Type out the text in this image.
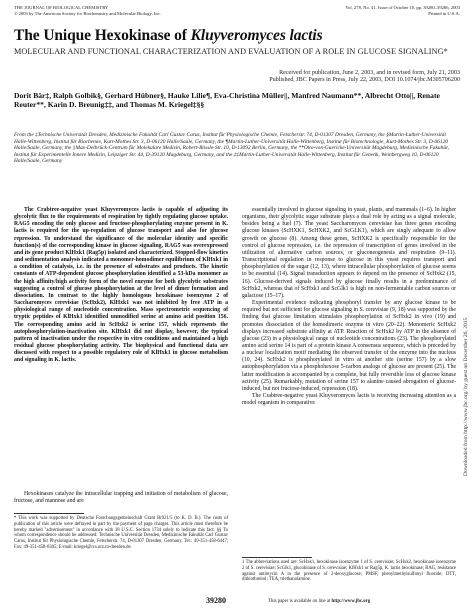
THE JOURNAL OF BIOLOGICAL CHEMISTRY
© 2003 by The American Society for Biochemistry and Molecular Biology, Inc.
Vol. 278, No. 41, Issue of October 10, pp. 39280–39286, 2003
Printed in U.S.A.
The Unique Hexokinase of Kluyveromyces lactis
MOLECULAR AND FUNCTIONAL CHARACTERIZATION AND EVALUATION OF A ROLE IN GLUCOSE SIGNALING*
Received for publication, June 2, 2003, and in revised form, July 21, 2003
Published, JBC Papers in Press, July 22, 2003, DOI 10.1074/jbc.M305706200
Dorit Bär‡, Ralph Golbik§, Gerhard Hübner§, Hauke Lilie¶, Eva-Christina Müller||, Manfred Naumann**, Albrecht Otto||, Renate Reuter**, Karin D. Breunig‡‡, and Thomas M. Kriegel‡§§
From the ‡Technische Universität Dresden, Medizinische Fakultät Carl Gustav Carus, Institut für Physiologische Chemie, Fetscherstr. 74, D-01307 Dresden, Germany, the §Martin-Luther-Universität Halle-Wittenberg, Institut für Biochemie, Kurt-Mothes Str. 3, D-06120 Halle/Saale, Germany, the ¶Martin-Luther-Universität Halle-Wittenberg, Institut für Biotechnologie, Kurt-Mothes Str. 3, D-06120 Halle/Saale, Germany, the ||Max-Delbrück-Centrum für Molekulare Medizin, Robert-Rössle-Str. 10, D-13092 Berlin, Germany, the **Otto-von-Guericke-Universität Magdeburg, Medizinische Fakultät, Institut für Experimentelle Innere Medizin, Leipziger Str. 44, D-39120 Magdeburg, Germany, and the ‡‡Martin-Luther-Universität Halle-Wittenberg, Institut für Genetik, Weinbergweg 10, D-06120 Halle/Saale, Germany

The Crabtree-negative yeast Kluyveromyces lactis is capable of adjusting its glycolytic flux to the requirements of respiration by tightly regulating glucose uptake. RAG5 encoding the only glucose and fructose-phosphorylating enzyme present in K. lactis is required for the up-regulation of glucose transport and also for glucose repression. To understand the significance of the molecular identity and specific function(s) of the corresponding kinase in glucose signaling, RAG5 was overexpressed and its gene product KlHxk1 (Rag5p) isolated and characterized. Stopped-flow kinetics and sedimentation analysis indicated a monomer-homodimer equilibrium of KlHxk1 in a condition of catalysis, i.e. in the presence of substrates and products. The kinetic constants of ATP-dependent glucose phosphorylation identified a 53-kDa monomer as the high affinity/high activity form of the novel enzyme for both glycolytic substrates suggesting a control of glucose phosphorylation at the level of dimer formation and dissociation. In contrast to the highly homologous hexokinase isoenzyme 2 of Saccharomyces cerevisiae (ScHxk2), KlHxk1 was not inhibited by free ATP in a physiological range of nucleotide concentration. Mass spectrometric sequencing of tryptic peptides of KlHxk1 identified unmodified serine at amino acid position 156. The corresponding amino acid in ScHxk2 is serine 157, which represents the autophosphorylation-inactivation site. KlHxk1 did not display, however, the typical pattern of inactivation under the respective in vitro conditions and maintained a high residual glucose phosphorylating activity. The biophysical and functional data are discussed with respect to a possible regulatory role of KlHxk1 in glucose metabolism and signaling in K. lactis.

Hexokinases catalyze the intracellular trapping and initiation of metabolism of glucose, fructose, and mannose and are

* This work was supported by Deutsche Forschungsgemeinschaft Grant Br921/5 (to K. D. B.). The costs of publication of this article were defrayed in part by the payment of page charges. This article must therefore be hereby marked "advertisement" in accordance with 18 U.S.C. Section 1734 solely to indicate this fact. §§ To whom correspondence should be addressed: Technische Universität Dresden, Medizinische Fakultät Carl Gustav Carus, Institut für Physiologische Chemie, Fetscherstr. 74, D-01307 Dresden, Germany. Tel.: 49-351-458-6447; Fax: 49-351-458-6305; E-mail: kriegel@rcs.urz.tu-dresden.de.

essentially involved in glucose signaling in yeast, plants, and mammals (1–6). In higher organisms, their glycolytic sugar substrate plays a dual role by acting as a signal molecule, besides being a fuel (7). The yeast Saccharomyces cerevisiae has three genes encoding glucose kinases (ScHXK1, ScHXK2, and ScGLK1), which are singly adequate to allow growth on glucose (8). Among these genes, ScHXK2 is specifically responsible for the control of glucose repression, i.e. the repression of transcription of genes involved in the utilization of alternative carbon sources, or gluconeogenesis and respiration (9–11). Transcriptional regulation in response to glucose in this yeast requires transport and phosphorylation of the sugar (12, 13), where intracellular phosphorylation of glucose seems to be essential (14). Signal transduction appears to depend on the presence of ScHxk2 (15, 16). Glucose-derived signals induced by glucose finally results in a predominance of ScHxk2, whereas that of ScHxk1 and ScGlk1 is high on non-fermentable carbon sources or galactose (15–17).

Experimental evidence indicating phosphoryl transfer by any glucose kinase to be required but not sufficient for glucose signaling in S. cerevisiae (9, 18) was supported by the finding that glucose limitation stimulates phosphorylation of ScHxk2 in vivo (19) and promotes dissociation of the homodimeric enzyme in vitro (20–22). Monomeric ScHxk2 displays increased substrate affinity at ATP. Reaction of ScHxk2 by ATP in the absence of glucose (23) in a physiological range of nucleotide concentrations (23). The phosphorylated amino acid serine 14 is part of a protein kinase A consensus sequence, which is preceded by a nuclear localization motif mediating the observed transfer of the enzyme into the nucleus (10, 24). ScHxk2 is phosphorylated in vitro at another site (serine 157) by a slow autophosphorylation via a phosphohexose 5-carbon analogs of glucose are present (25). The latter modification is accompanied by a complete, but fully reversible loss of glucose kinase activity (25). Remarkably, mutation of serine 157 to alanine caused abrogation of glucose-induced, but not fructose-induced, repression (18).

The Crabtree-negative yeast Kluyveromyces lactis is receiving increasing attention as a model organism in comparative

1 The abbreviations used are: ScHxk1, hexokinase isoenzyme 1 of S. cerevisiae; ScHxk2, hexokinase isoenzyme 2 of S. cerevisiae; ScGlk1, glucokinase of S. cerevisiae; KlHxk1 or Rag5p, K. lactis hexokinase; RAG, resistance against antimycin A in the presence of 2-deoxyglucose; PMSF, phenylmethylsulfonyl fluoride; DTT, dithiothreitol; TEA, triethanolamine.
39280	This paper is available on line at http://www.jbc.org
Downloaded from http://www.jbc.org/ by guest on December 26, 2015
